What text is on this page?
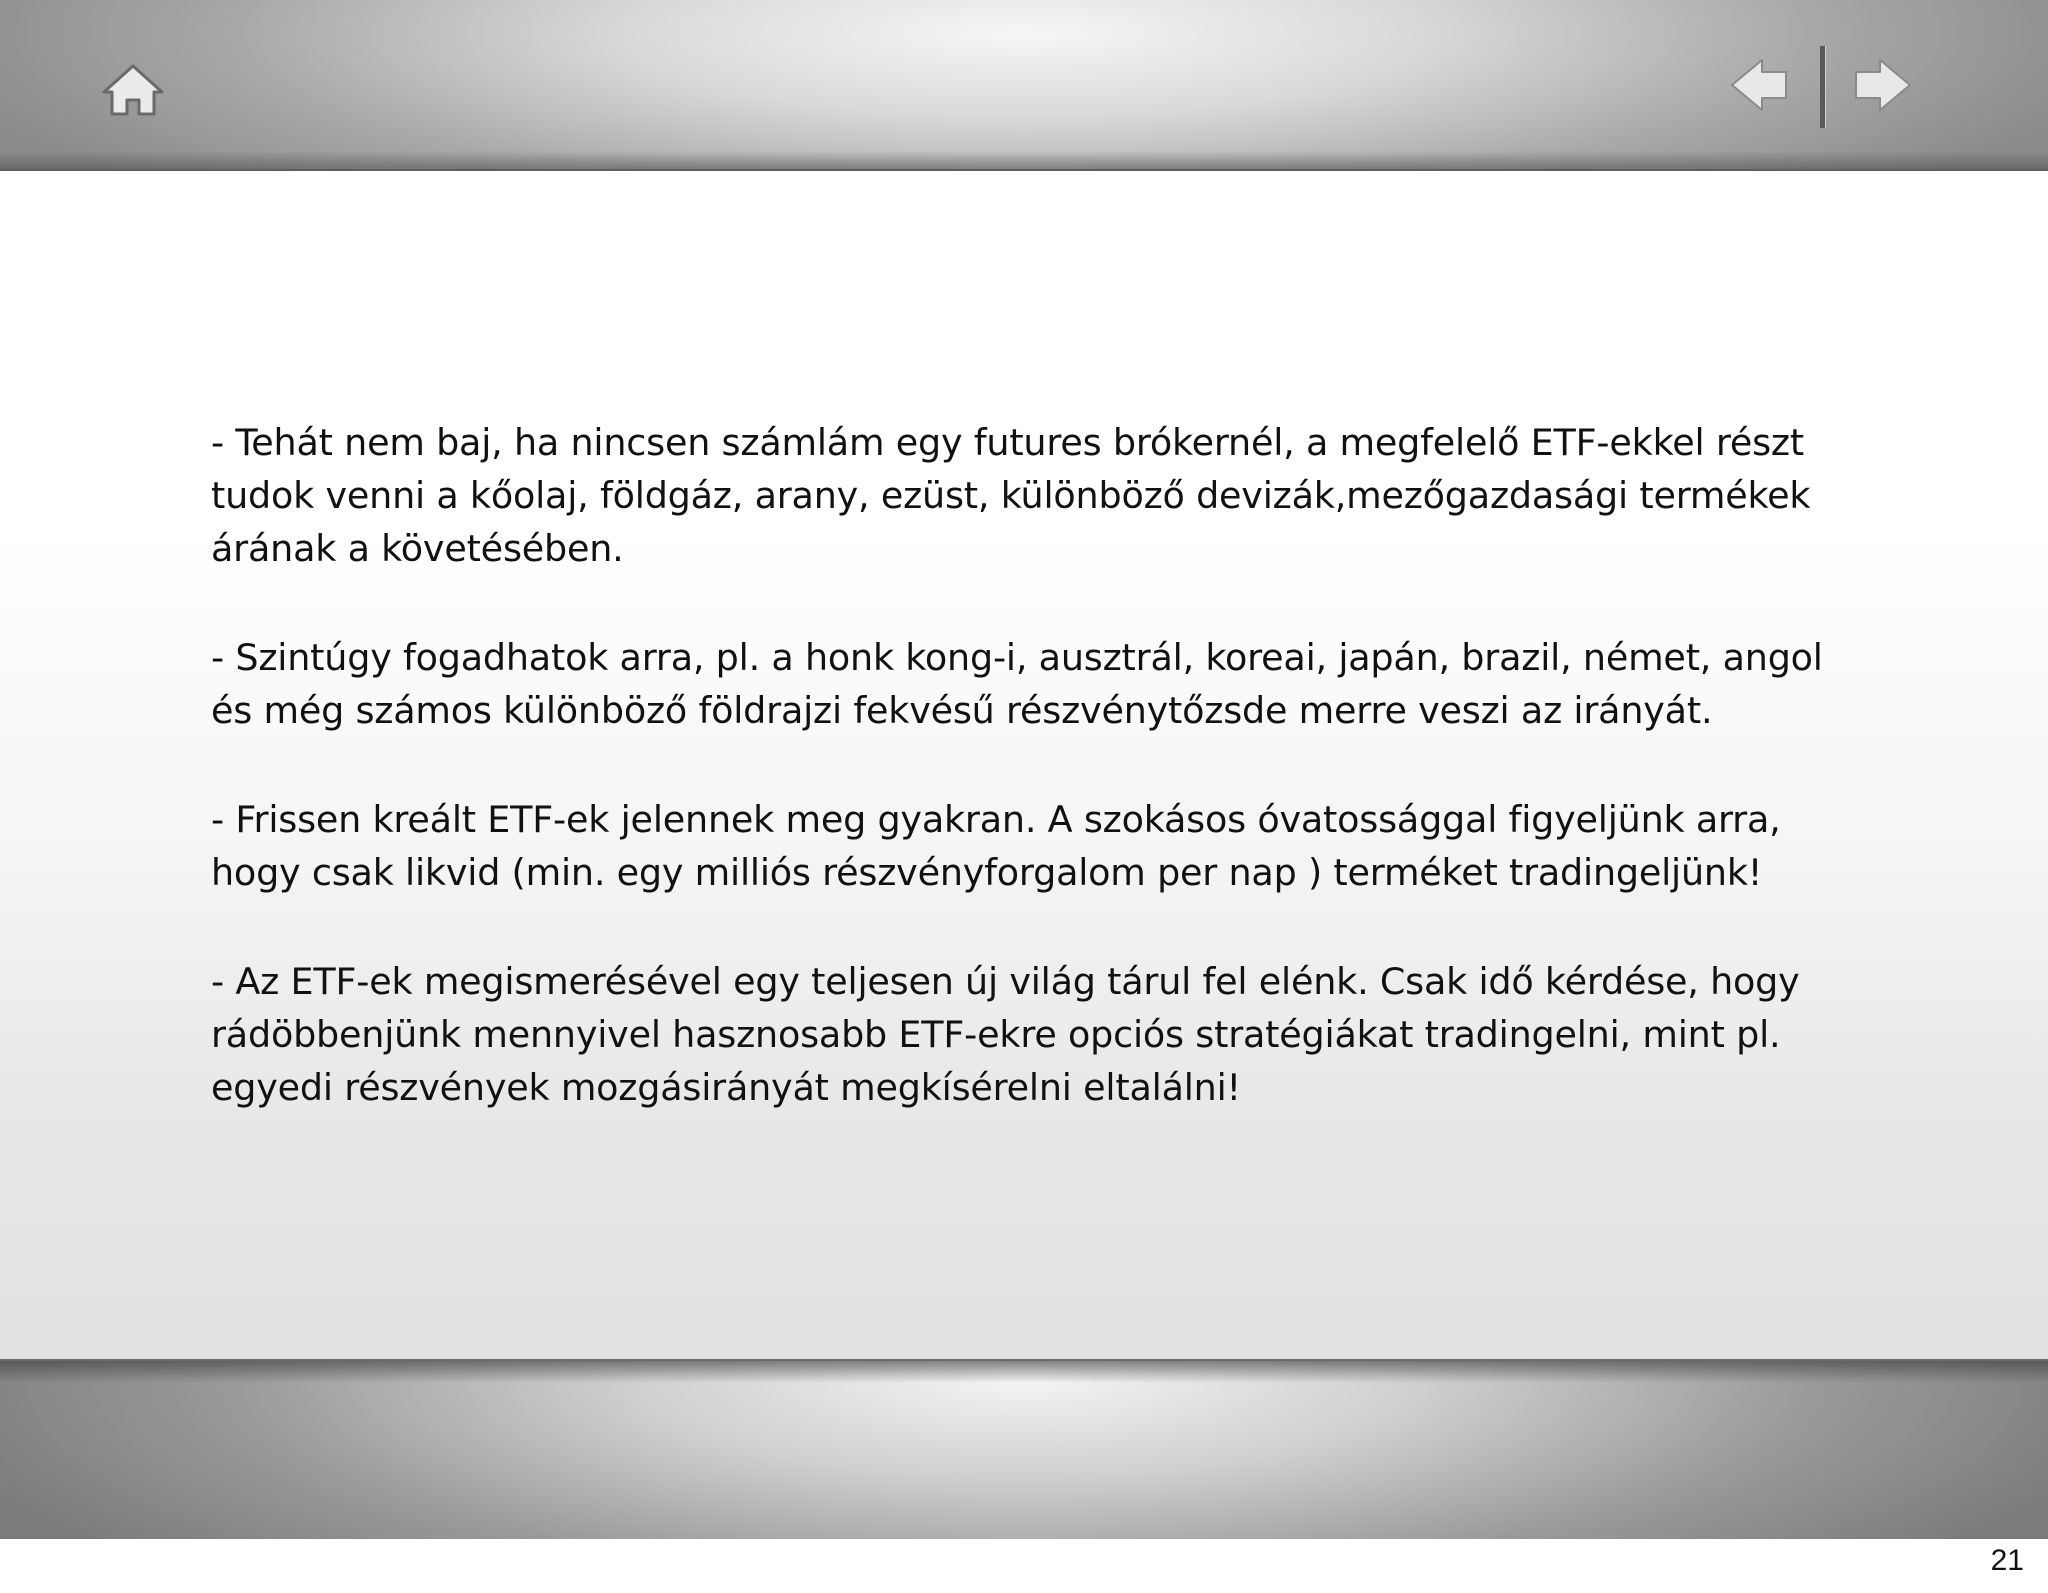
- Tehát nem baj, ha nincsen számlám egy futures brókernél, a megfelelő ETF-ekkel részt tudok venni a kőolaj, földgáz, arany, ezüst, különböző devizák,mezőgazdasági termékek árának a követésében.

- Szintúgy fogadhatok arra, pl. a honk kong-i, ausztrál, koreai, japán, brazil, német, angol és még számos különböző földrajzi fekvésű részvénytőzsde merre veszi az irányát.

- Frissen kreált ETF-ek jelennek meg gyakran. A szokásos óvatossággal figyeljünk arra, hogy csak likvid (min. egy milliós részvényforgalom per nap ) terméket tradingeljünk!

- Az ETF-ek megismerésével egy teljesen új világ tárul fel elénk. Csak idő kérdése, hogy rádöbbenjünk mennyivel hasznosabb ETF-ekre opciós stratégiákat tradingelni, mint pl. egyedi részvények mozgásirányát megkísérelni eltalálni!

21
